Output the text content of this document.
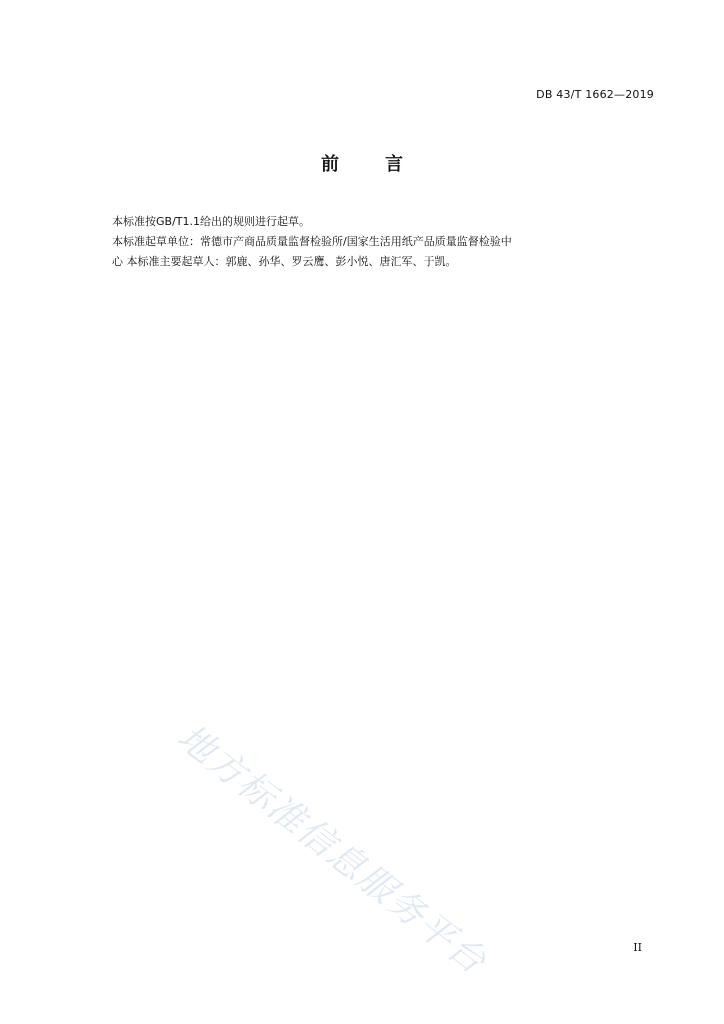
DB 43/T 1662—2019
前	言

本标准按GB/T1.1给出的规则进行起草。

本标准起草单位：常德市产商品质量监督检验所/国家生活用纸产品质量监督检验中

心 本标准主要起草人：郭鹿、孙华、罗云鹰、彭小悦、唐汇军、于凯。

地方标准信息服务平台	II
